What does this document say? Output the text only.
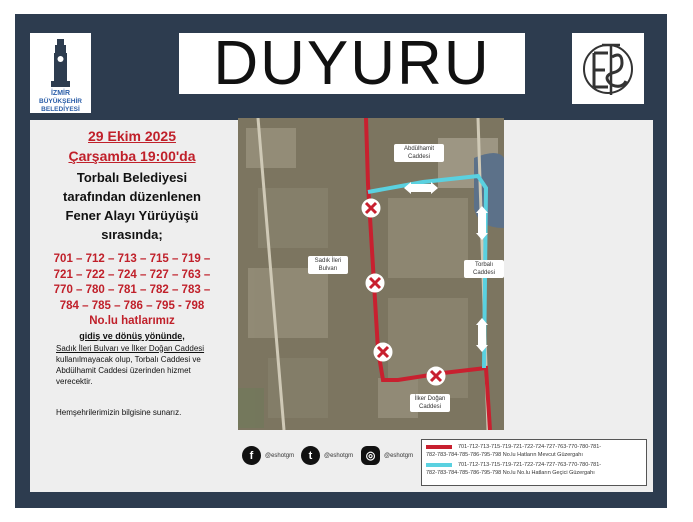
İZMİR
BÜYÜKŞEHİR
BELEDİYESİ
DUYURU
29 Ekim 2025
Çarşamba 19:00'da
Torbalı Belediyesi
tarafından düzenlenen
Fener Alayı Yürüyüşü
sırasında;
701 – 712 – 713 – 715 – 719 –
721 – 722 – 724 – 727 – 763 –
770 – 780 – 781 – 782 – 783 –
784 – 785 – 786 – 795 - 798
No.lu hatlarımız
gidiş ve dönüş yönünde,
Sadık İleri Bulvarı ve İlker Doğan Caddesi
kullanılmayacak olup, Torbalı Caddesi ve
Abdülhamit Caddesi üzerinden hizmet
verecektir.
Hemşehrilerimizin bilgisine sunarız.
Abdülhamit Caddesi
Sadık İleri Bulvarı
Torbalı Caddesi
İlker Doğan Caddesi
f	@eshotgm	t	@eshotgm	◎	@eshotgm
701-712-713-715-719-721-722-724-727-763-770-780-781-
782-783-784-785-786-795-798 No.lu Hatların Mevcut Güzergahı
701-712-713-715-719-721-722-724-727-763-770-780-781-
782-783-784-785-786-795-798 No.lu No.lu Hatların Geçici Güzergahı
